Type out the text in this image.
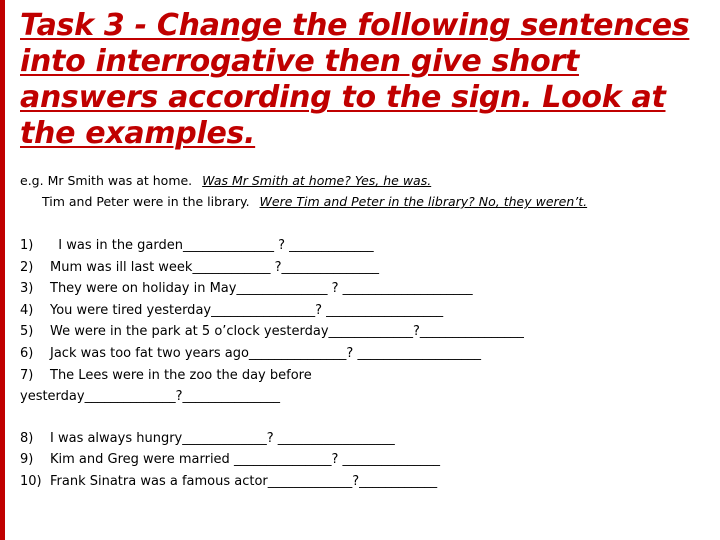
Task 3 - Change the following sentences into interrogative then give short answers according to the sign. Look at the examples.
e.g. Mr Smith was at home. Was Mr Smith at home? Yes, he was.
Tim and Peter were in the library. Were Tim and Peter in the library? No, they weren’t.
1)  I was in the garden______________ ? _____________
2) Mum was ill last week____________ ?_______________
3) They were on holiday in May______________ ? ____________________
4) You were tired yesterday________________? __________________
5) We were in the park at 5 o’clock yesterday_____________?________________
6) Jack was too fat two years ago_______________? ___________________
7) The Lees were in the zoo the day before
yesterday______________?_______________
8) I was always hungry_____________? __________________
9) Kim and Greg were married _______________? _______________
10) Frank Sinatra was a famous actor_____________?____________
